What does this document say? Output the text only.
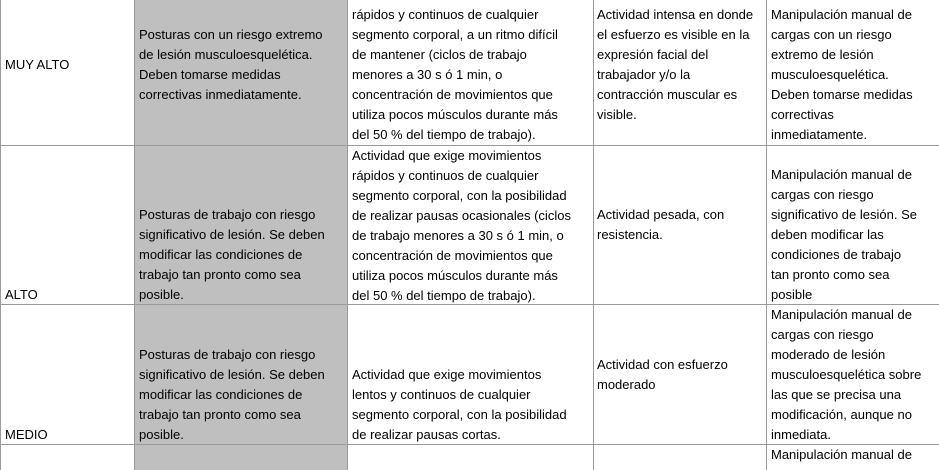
MUY ALTO
Posturas con un riesgo extremo
de lesión musculoesquelética.
Deben tomarse medidas
correctivas inmediatamente.
rápidos y continuos de cualquier
segmento corporal, a un ritmo difícil
de mantener (ciclos de trabajo
menores a 30 s ó 1 min, o
concentración de movimientos que
utiliza pocos músculos durante más
del 50 % del tiempo de trabajo).
Actividad intensa en donde
el esfuerzo es visible en la
expresión facial del
trabajador y/o la
contracción muscular es
visible.
Manipulación manual de
cargas con un riesgo
extremo de lesión
musculoesquelética.
Deben tomarse medidas
correctivas
inmediatamente.
ALTO
Posturas de trabajo con riesgo
significativo de lesión. Se deben
modificar las condiciones de
trabajo tan pronto como sea
posible.
Actividad que exige movimientos
rápidos y continuos de cualquier
segmento corporal, con la posibilidad
de realizar pausas ocasionales (ciclos
de trabajo menores a 30 s ó 1 min, o
concentración de movimientos que
utiliza pocos músculos durante más
del 50 % del tiempo de trabajo).
Actividad pesada, con
resistencia.
Manipulación manual de
cargas con riesgo
significativo de lesión. Se
deben modificar las
condiciones de trabajo
tan pronto como sea
posible
MEDIO
Posturas de trabajo con riesgo
significativo de lesión. Se deben
modificar las condiciones de
trabajo tan pronto como sea
posible.
Actividad que exige movimientos
lentos y continuos de cualquier
segmento corporal, con la posibilidad
de realizar pausas cortas.
Actividad con esfuerzo
moderado
Manipulación manual de
cargas con riesgo
moderado de lesión
musculoesquelética sobre
las que se precisa una
modificación, aunque no
inmediata.
Manipulación manual de
